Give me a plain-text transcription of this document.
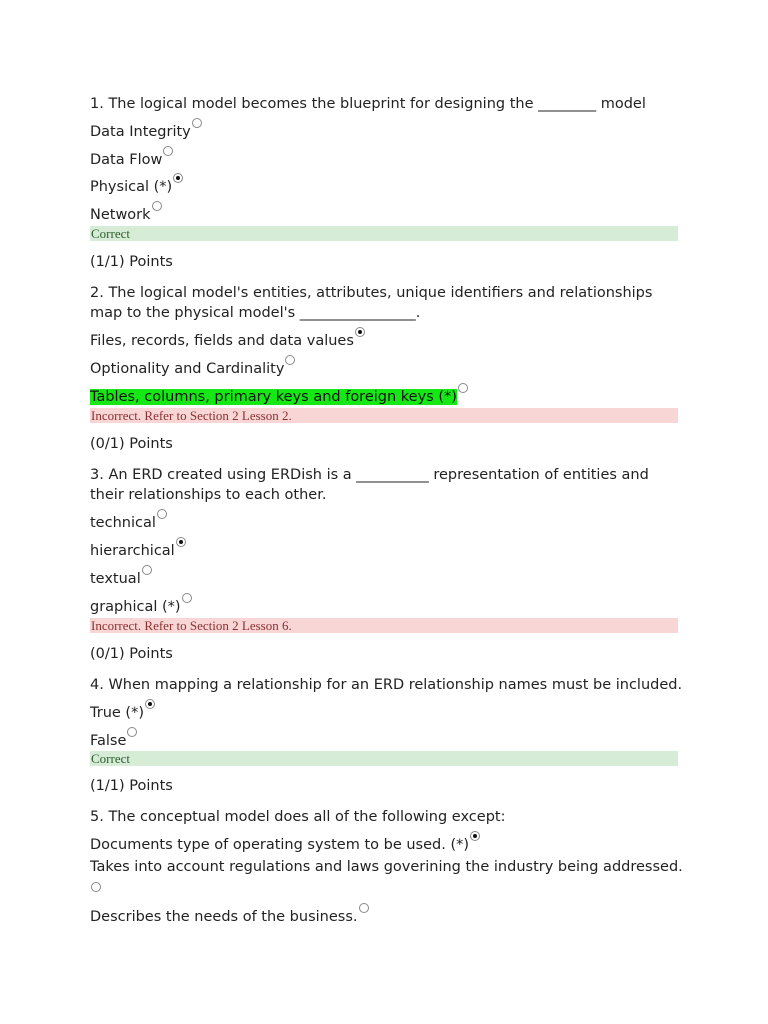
1. The logical model becomes the blueprint for designing the ________ model
Data Integrity
Data Flow
Physical (*)
Network
Correct
(1/1) Points
2. The logical model's entities, attributes, unique identifiers and relationships map to the physical model's ________________.
Files, records, fields and data values
Optionality and Cardinality
Tables, columns, primary keys and foreign keys (*)
Incorrect. Refer to Section 2 Lesson 2.
(0/1) Points
3. An ERD created using ERDish is a __________ representation of entities and their relationships to each other.
technical
hierarchical
textual
graphical (*)
Incorrect. Refer to Section 2 Lesson 6.
(0/1) Points
4. When mapping a relationship for an ERD relationship names must be included.
True (*)
False
Correct
(1/1) Points
5. The conceptual model does all of the following except:
Documents type of operating system to be used. (*)
Takes into account regulations and laws goverining the industry being addressed.
Describes the needs of the business.
